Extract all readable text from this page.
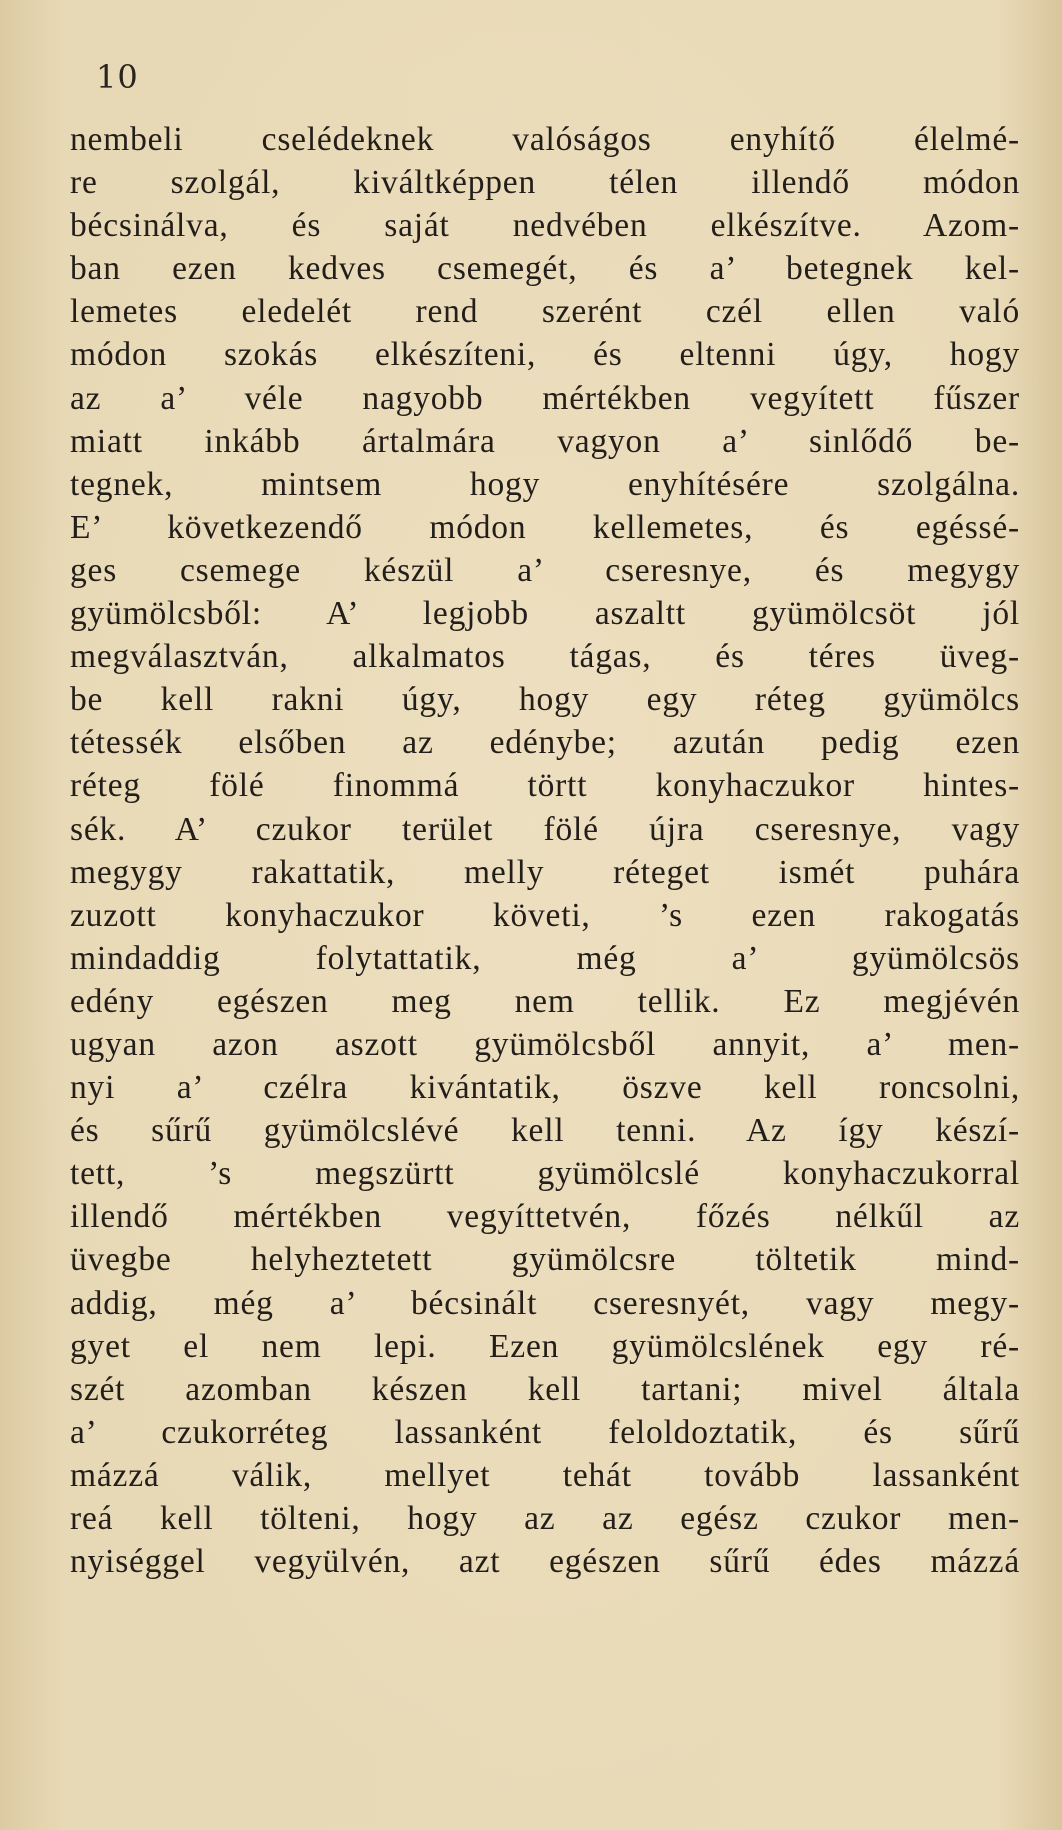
10
nembeli cselédeknek valóságos enyhítő élelmé-
re szolgál, kiváltképpen télen illendő módon
bécsinálva, és saját nedvében elkészítve. Azom-
ban ezen kedves csemegét, és a’ betegnek kel-
lemetes eledelét rend szerént czél ellen való
módon szokás elkészíteni, és eltenni úgy, hogy
az a’ véle nagyobb mértékben vegyített fűszer
miatt inkább ártalmára vagyon a’ sinlődő be-
tegnek, mintsem hogy enyhítésére szolgálna.
E’ következendő módon kellemetes, és egéssé-
ges csemege készül a’ cseresnye, és megygy
gyümölcsből: A’ legjobb aszaltt gyümölcsöt jól
megválasztván, alkalmatos tágas, és téres üveg-
be kell rakni úgy, hogy egy réteg gyümölcs
tétessék elsőben az edénybe; azután pedig ezen
réteg fölé finommá törtt konyhaczukor hintes-
sék. A’ czukor terület fölé újra cseresnye, vagy
megygy rakattatik, melly réteget ismét puhára
zuzott konyhaczukor követi, ’s ezen rakogatás
mindaddig folytattatik, még a’ gyümölcsös
edény egészen meg nem tellik. Ez megjévén
ugyan azon aszott gyümölcsből annyit, a’ men-
nyi a’ czélra kivántatik, öszve kell roncsolni,
és sűrű gyümölcslévé kell tenni. Az így készí-
tett, ’s megszürtt gyümölcslé konyhaczukorral
illendő mértékben vegyíttetvén, főzés nélkűl az
üvegbe helyheztetett gyümölcsre töltetik mind-
addig, még a’ bécsinált cseresnyét, vagy megy-
gyet el nem lepi. Ezen gyümölcslének egy ré-
szét azomban készen kell tartani; mivel általa
a’ czukorréteg lassanként feloldoztatik, és sűrű
mázzá válik, mellyet tehát tovább lassanként
reá kell tölteni, hogy az az egész czukor men-
nyiséggel vegyülvén, azt egészen sűrű édes mázzá
